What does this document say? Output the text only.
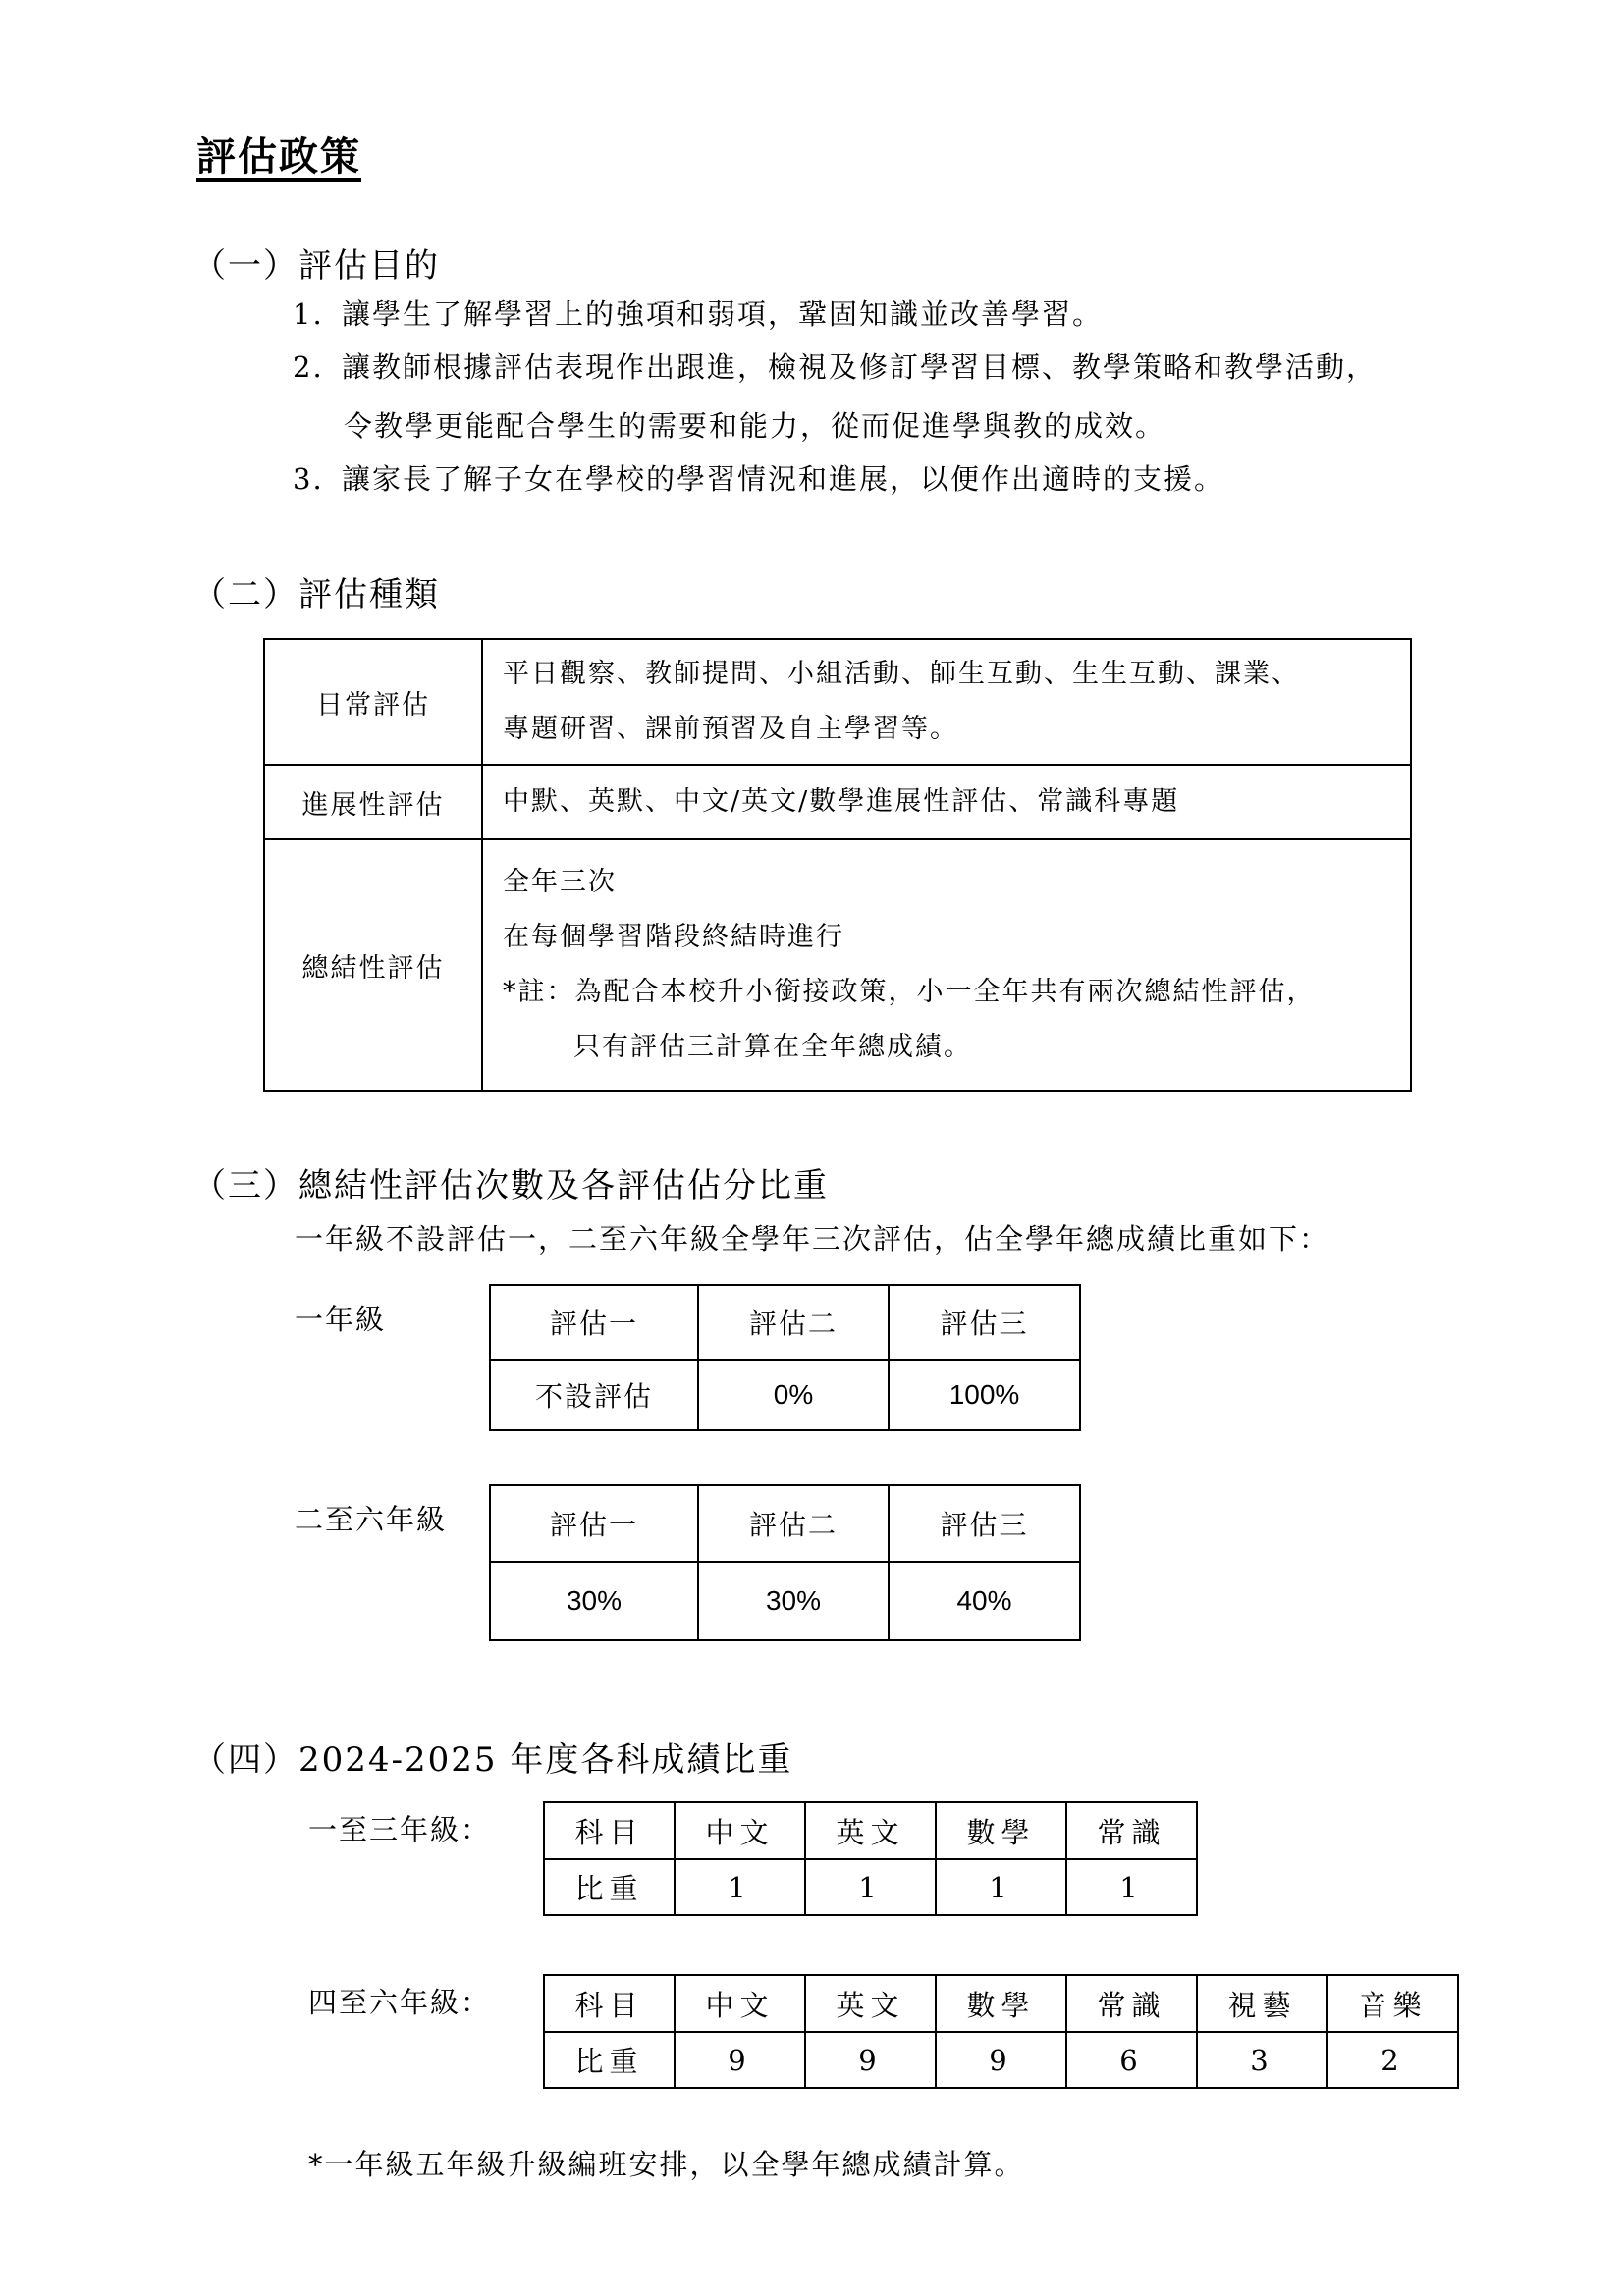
評估政策
（一）評估目的
1. 讓學生了解學習上的強項和弱項，鞏固知識並改善學習。
2. 讓教師根據評估表現作出跟進，檢視及修訂學習目標、教學策略和教學活動，
令教學更能配合學生的需要和能力，從而促進學與教的成效。
3. 讓家長了解子女在學校的學習情況和進展，以便作出適時的支援。
（二）評估種類
日常評估	平日觀察、教師提問、小組活動、師生互動、生生互動、課業、
專題研習、課前預習及自主學習等。

進展性評估	中默、英默、中文/英文/數學進展性評估、常識科專題

總結性評估	全年三次
在每個學習階段終結時進行
*註：為配合本校升小銜接政策，小一全年共有兩次總結性評估，
只有評估三計算在全年總成績。
（三）總結性評估次數及各評估佔分比重
一年級不設評估一，二至六年級全學年三次評估，佔全學年總成績比重如下：
一年級	評估一	評估二	評估三
不設評估	0%	100%
二至六年級	評估一	評估二	評估三
30%	30%	40%
（四）2024-2025 年度各科成績比重
一至三年級：	科目	中文	英文	數學	常識
比重	1	1	1	1
四至六年級：	科目	中文	英文	數學	常識	視藝	音樂
比重	9	9	9	6	3	2
*一年級五年級升級編班安排，以全學年總成績計算。
